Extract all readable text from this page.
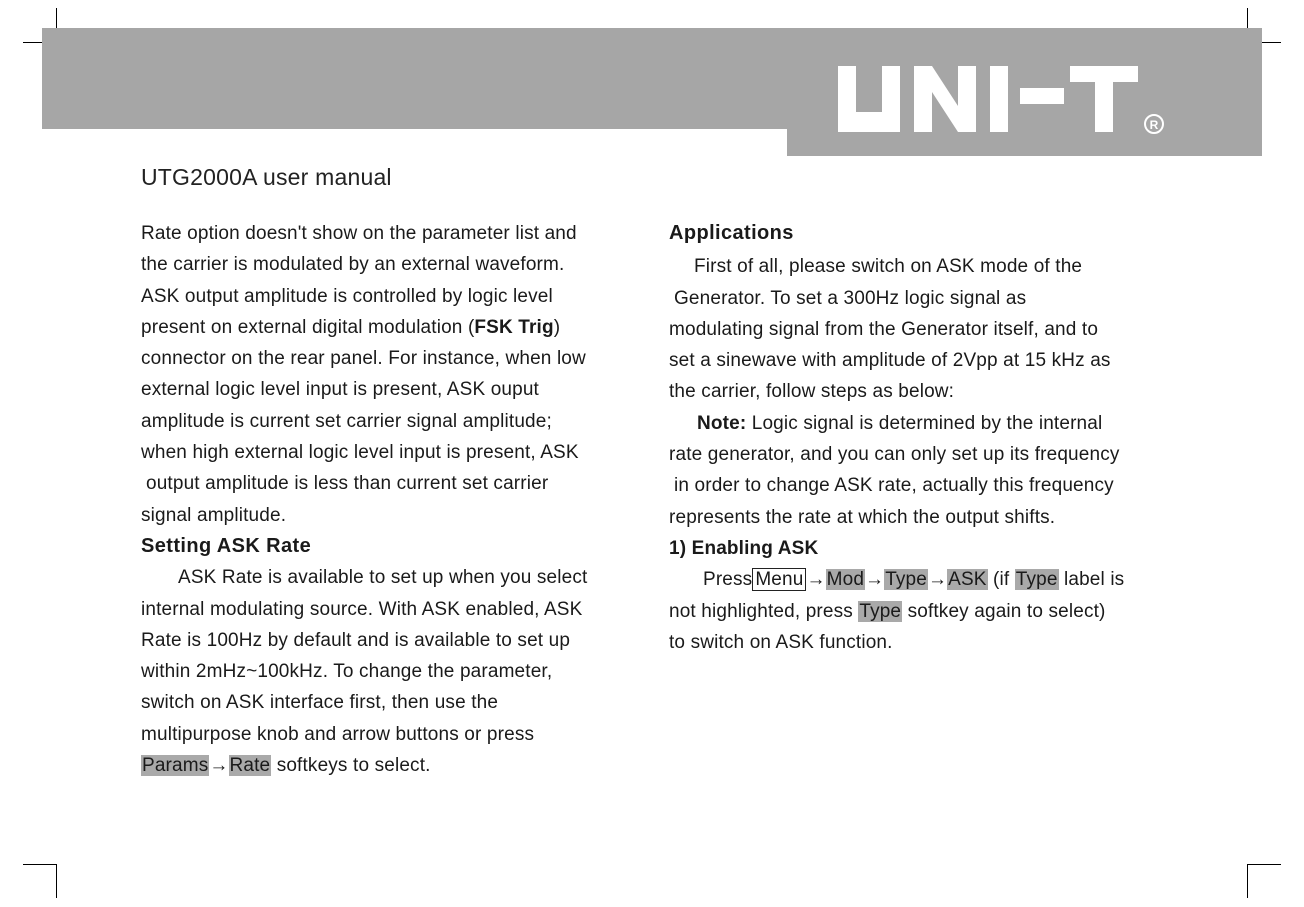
R
UTG2000A user manual

Rate option doesn't show on the parameter list and

the carrier is modulated by an external waveform.

ASK output amplitude is controlled by logic level

present on external digital modulation (FSK Trig)

connector on the rear panel. For instance, when low

external logic level input is present, ASK ouput

amplitude is current set carrier signal amplitude;

when high external logic level input is present, ASK

output amplitude is less than current set carrier

signal amplitude.

Setting ASK Rate

ASK Rate is available to set up when you select

internal modulating source. With ASK enabled, ASK

Rate is 100Hz by default and is available to set up

within 2mHz~100kHz. To change the parameter,

switch on ASK interface first, then use the

multipurpose knob and arrow buttons or press

Params→Rate softkeys to select.

Applications

First of all, please switch on ASK mode of the

Generator. To set a 300Hz logic signal as

modulating signal from the Generator itself, and to

set a sinewave with amplitude of 2Vpp at 15 kHz as

the carrier, follow steps as below:

Note: Logic signal is determined by the internal

rate generator, and you can only set up its frequency

in order to change ASK rate, actually this frequency

represents the rate at which the output shifts.

1) Enabling ASK

Press Menu →Mod→Type→ASK (if Type label is

not highlighted, press Type softkey again to select)

to switch on ASK function.
